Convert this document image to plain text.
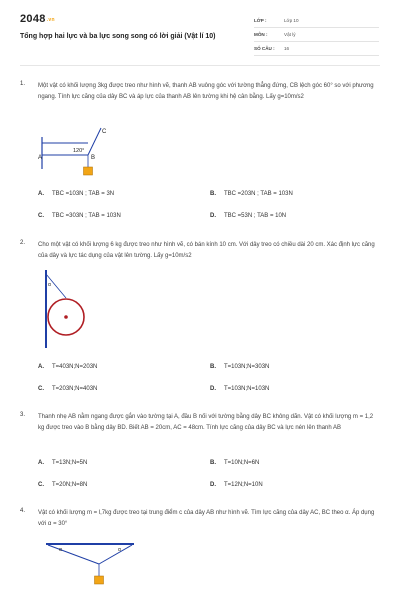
2048.vn
Tổng hợp hai lực và ba lực song song có lời giải (Vật lí 10)
LỚP :	Lớp 10
MÔN :	Vật lý
SỐ CÂU : 16
1. Một vật có khối lượng 3kg được treo như hình vẽ, thanh AB vuông góc với tường thẳng đứng, CB lệch góc 60° so với phương ngang. Tính lực căng của dây BC và áp lực của thanh AB lên tường khi hệ cân bằng. Lấy g=10m/s2
A	B
C
120°
A. TBC =103N ; TAB = 3N	B. TBC =203N ; TAB = 103N
C. TBC =303N ; TAB = 103N	D. TBC =53N ; TAB = 10N
2. Cho một vật có khối lượng 6 kg được treo như hình vẽ, có bán kính 10 cm. Với dây treo có chiều dài 20 cm. Xác định lực căng của dây và lực tác dụng của vật lên tường. Lấy g=10m/s2
α
A. T=403N;N=203N	B. T=103N;N=303N
C. T=203N;N=403N	D. T=103N;N=103N
3. Thanh nhẹ AB nằm ngang được gắn vào tường tại A, đầu B nối với tường bằng dây BC không dãn. Vật có khối lượng m = 1,2 kg được treo vào B bằng dây BD. Biết AB = 20cm, AC = 48cm. Tính lực căng của dây BC và lực nén lên thanh AB
A. T=13N;N=5N	B. T=10N;N=6N
C. T=20N;N=8N	D. T=12N;N=10N
4. Vật có khối lượng m = l,7kg được treo tại trung điểm c của dây AB như hình vẽ. Tìm lực căng của dây AC, BC theo α. Áp dụng với α = 30°
α	α
